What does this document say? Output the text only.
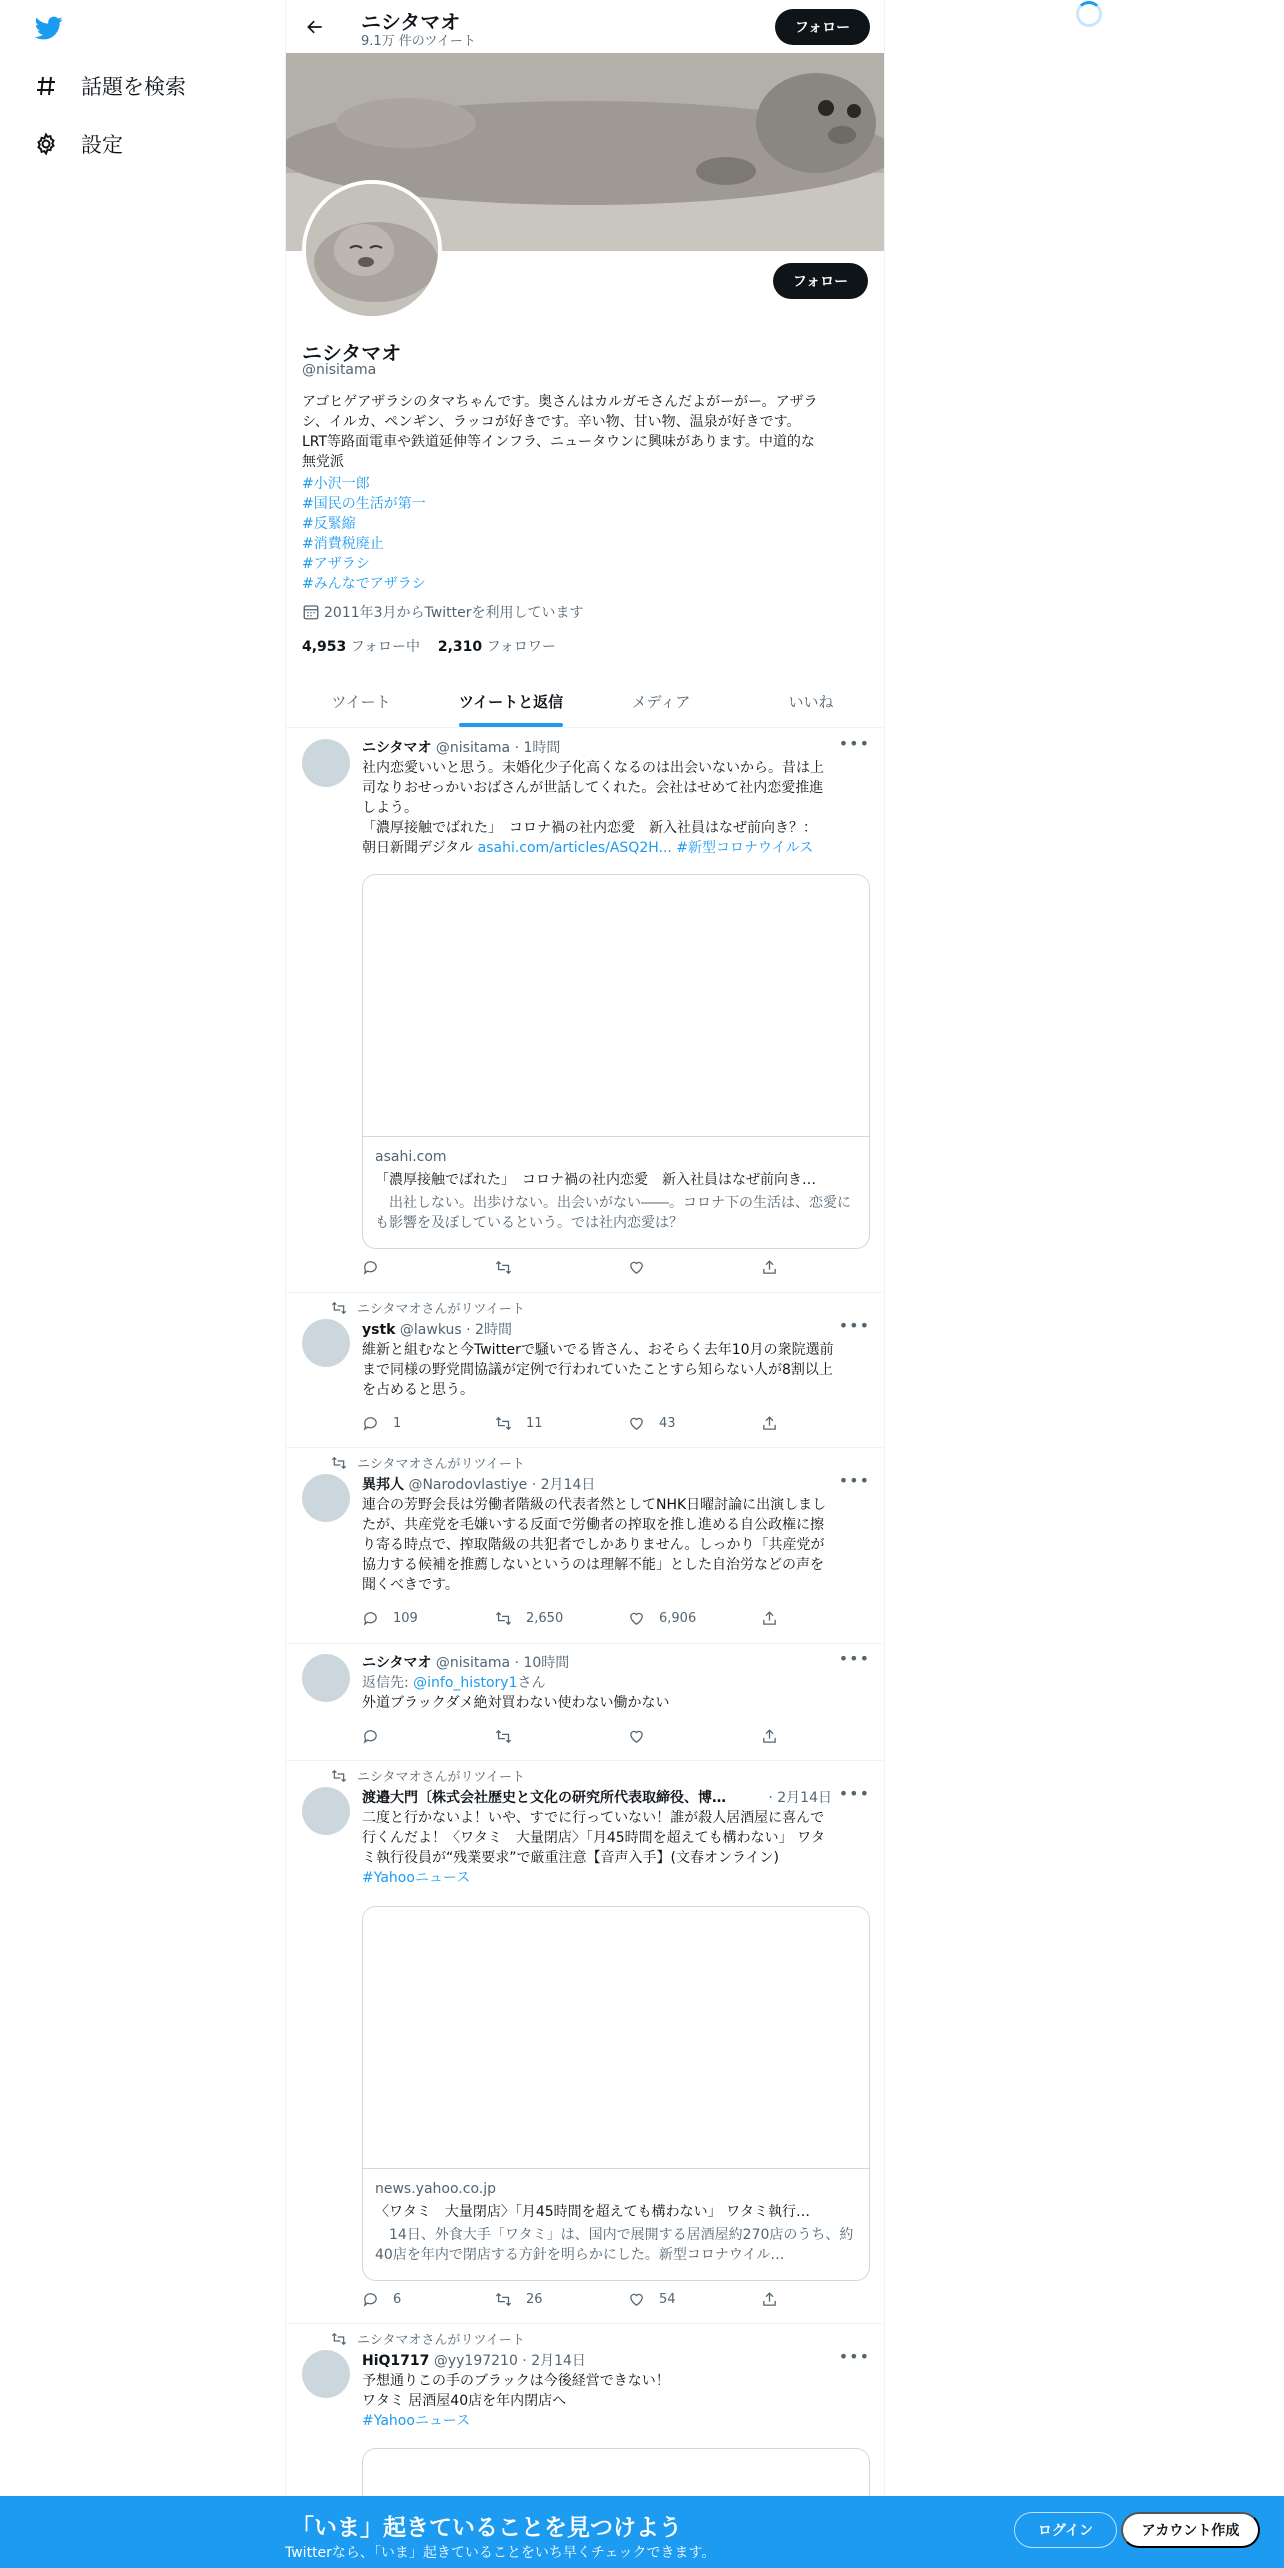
話題を検索
設定
ニシタマオ
9.1万 件のツイート
フォロー
フォロー
ニシタマオ
@nisitama
アゴヒゲアザラシのタマちゃんです。奥さんはカルガモさんだよがーがー。アザラ
シ、イルカ、ペンギン、ラッコが好きです。辛い物、甘い物、温泉が好きです。
LRT等路面電車や鉄道延伸等インフラ、ニュータウンに興味があります。中道的な
無党派
#小沢一郎
#国民の生活が第一
#反緊縮
#消費税廃止
#アザラシ
#みんなでアザラシ
2011年3月からTwitterを利用しています
4,953 フォロー中 2,310 フォロワー
ツイート	ツイートと返信	メディア	いいね
ニシタマオ @nisitama · 1時間	•••
社内恋愛いいと思う。未婚化少子化高くなるのは出会いないから。昔は上
司なりおせっかいおばさんが世話してくれた。会社はせめて社内恋愛推進
しよう。
「濃厚接触でばれた」　コロナ禍の社内恋愛　新入社員はなぜ前向き？：
朝日新聞デジタル asahi.com/articles/ASQ2H... #新型コロナウイルス
asahi.com
「濃厚接触でばれた」　コロナ禍の社内恋愛　新入社員はなぜ前向き…
　出社しない。出歩けない。出会いがない――。コロナ下の生活は、恋愛にも影響を及ぼしているという。では社内恋愛は？
ニシタマオさんがリツイート
ystk @lawkus · 2時間	•••
維新と組むなと今Twitterで騒いでる皆さん、おそらく去年10月の衆院選前
まで同様の野党間協議が定例で行われていたことすら知らない人が8割以上
を占めると思う。
1	11	43
ニシタマオさんがリツイート
異邦人 @Narodovlastiye · 2月14日	•••
連合の芳野会長は労働者階級の代表者然としてNHK日曜討論に出演しまし
たが、共産党を毛嫌いする反面で労働者の搾取を推し進める自公政権に擦
り寄る時点で、搾取階級の共犯者でしかありません。しっかり「共産党が
協力する候補を推薦しないというのは理解不能」とした自治労などの声を
聞くべきです。
109	2,650	6,906
ニシタマオ @nisitama · 10時間	•••
返信先: @info_history1さん
外道ブラックダメ絶対買わない使わない働かない
ニシタマオさんがリツイート
渡邉大門〔株式会社歴史と文化の研究所代表取締役、博…	· 2月14日 •••
二度と行かないよ！いや、すでに行っていない！誰が殺人居酒屋に喜んで
行くんだよ！〈ワタミ　大量閉店〉「月45時間を超えても構わない」 ワタ
ミ執行役員が“残業要求”で厳重注意【音声入手】(文春オンライン)
#Yahooニュース
news.yahoo.co.jp
〈ワタミ　大量閉店〉「月45時間を超えても構わない」 ワタミ執行…
　14日、外食大手「ワタミ」は、国内で展開する居酒屋約270店のうち、約40店を年内で閉店する方針を明らかにした。新型コロナウイル…
6	26	54
ニシタマオさんがリツイート
HiQ1717 @yy197210 · 2月14日	•••
予想通りこの手のブラックは今後経営できない！
ワタミ 居酒屋40店を年内閉店へ
#Yahooニュース
「いま」起きていることを見つけよう
Twitterなら、「いま」起きていることをいち早くチェックできます。
ログイン	アカウント作成
